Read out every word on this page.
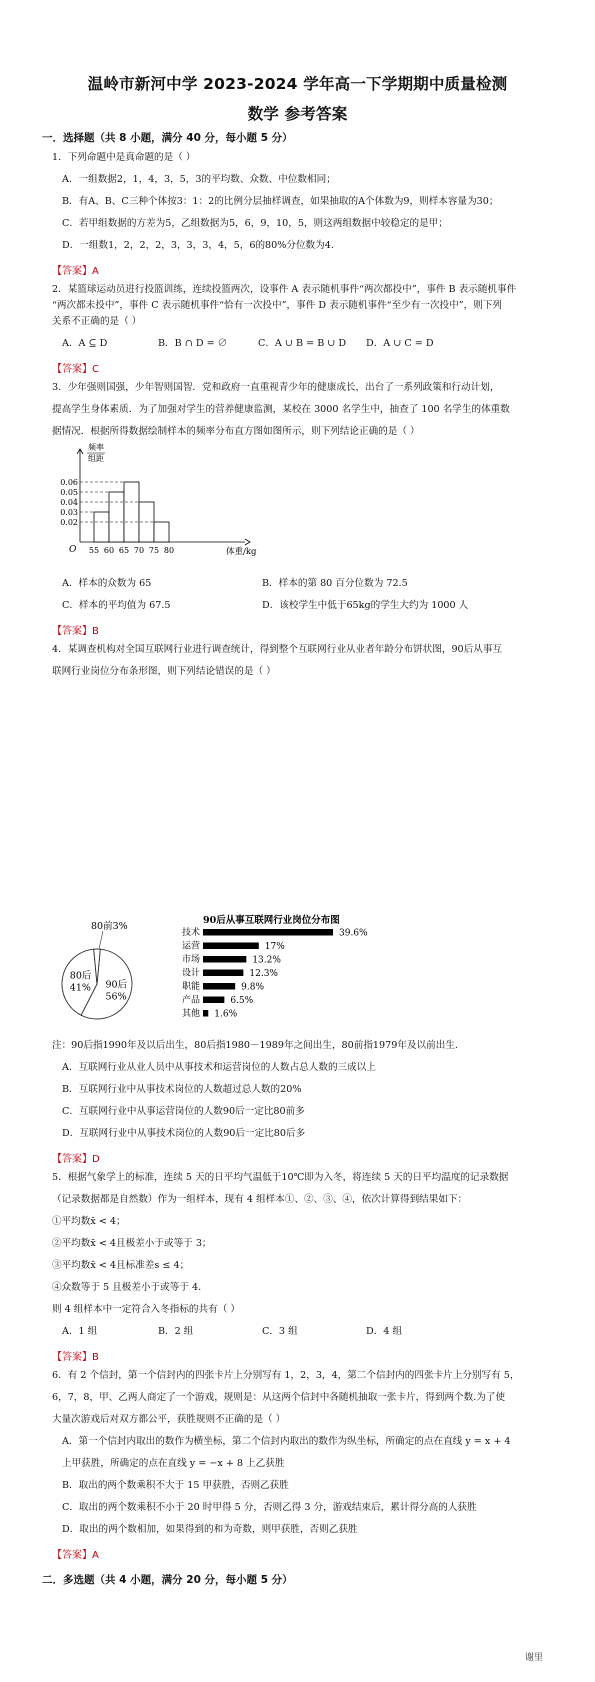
温岭市新河中学 2023-2024 学年高一下学期期中质量检测
数学 参考答案
一．选择题（共 8 小题，满分 40 分，每小题 5 分）
1．下列命题中是真命题的是（ ）
A．一组数据2，1，4，3，5，3的平均数、众数、中位数相同；
B．有A、B、C三种个体按3：1：2的比例分层抽样调查，如果抽取的A个体数为9，则样本容量为30；
C．若甲组数据的方差为5，乙组数据为5，6，9，10，5，则这两组数据中较稳定的是甲；
D．一组数1，2，2，2，3，3，3，4，5，6的80%分位数为4.
【答案】A
2．某篮球运动员进行投篮训练，连续投篮两次，设事件 A 表示随机事件“两次都投中”，事件 B 表示随机事件
“两次都未投中”，事件 C 表示随机事件“恰有一次投中”，事件 D 表示随机事件“至少有一次投中”，则下列
关系不正确的是（ ）
A．A ⊆ D	B．B ∩ D = ∅	C．A ∪ B = B ∪ D D．A ∪ C = D
【答案】C
3．少年强则国强，少年智则国智．党和政府一直重视青少年的健康成长，出台了一系列政策和行动计划，
提高学生身体素质．为了加强对学生的营养健康监测，某校在 3000 名学生中，抽查了 100 名学生的体重数
据情况．根据所得数据绘制样本的频率分布直方图如图所示，则下列结论正确的是（ ）
O
频率
组距
体重/kg
0.06
0.05
0.04
0.03
0.02
55 60 65 70 75 80
A．样本的众数为 65	B．样本的第 80 百分位数为 72.5
C．样本的平均值为 67.5	D．该校学生中低于65kg的学生大约为 1000 人
【答案】B
4．某调查机构对全国互联网行业进行调查统计，得到整个互联网行业从业者年龄分布饼状图，90后从事互
联网行业岗位分布条形图，则下列结论错误的是（ ）
90后
56%
80后
41%
80前3%
90后从事互联网行业岗位分布图
技术	39.6%
运营	17%
市场	13.2%
设计	12.3%
职能	9.8%
产品	6.5%
其他 1.6%
注：90后指1990年及以后出生，80后指1980－1989年之间出生，80前指1979年及以前出生.
A．互联网行业从业人员中从事技术和运营岗位的人数占总人数的三成以上
B．互联网行业中从事技术岗位的人数超过总人数的20%
C．互联网行业中从事运营岗位的人数90后一定比80前多
D．互联网行业中从事技术岗位的人数90后一定比80后多
【答案】D
5．根据气象学上的标准，连续 5 天的日平均气温低于10℃即为入冬，将连续 5 天的日平均温度的记录数据
（记录数据都是自然数）作为一组样本，现有 4 组样本①、②、③、④，依次计算得到结果如下：
①平均数x̄ < 4；
②平均数x̄ < 4且极差小于或等于 3；
③平均数x̄ < 4且标准差s ≤ 4；
④众数等于 5 且极差小于或等于 4.
则 4 组样本中一定符合入冬指标的共有（ ）
A．1 组	B．2 组	C．3 组	D．4 组
【答案】B
6．有 2 个信封，第一个信封内的四张卡片上分别写有 1，2，3，4，第二个信封内的四张卡片上分别写有 5，
6，7，8，甲、乙两人商定了一个游戏，规则是：从这两个信封中各随机抽取一张卡片，得到两个数.为了使
大量次游戏后对双方都公平，获胜规则不正确的是（ ）
A．第一个信封内取出的数作为横坐标，第二个信封内取出的数作为纵坐标，所确定的点在直线 y = x + 4
上甲获胜，所确定的点在直线 y = −x + 8 上乙获胜
B．取出的两个数乘积不大于 15 甲获胜，否则乙获胜
C．取出的两个数乘积不小于 20 时甲得 5 分，否则乙得 3 分，游戏结束后，累计得分高的人获胜
D．取出的两个数相加，如果得到的和为奇数，则甲获胜，否则乙获胜
【答案】A
二．多选题（共 4 小题，满分 20 分，每小题 5 分）
谢里
